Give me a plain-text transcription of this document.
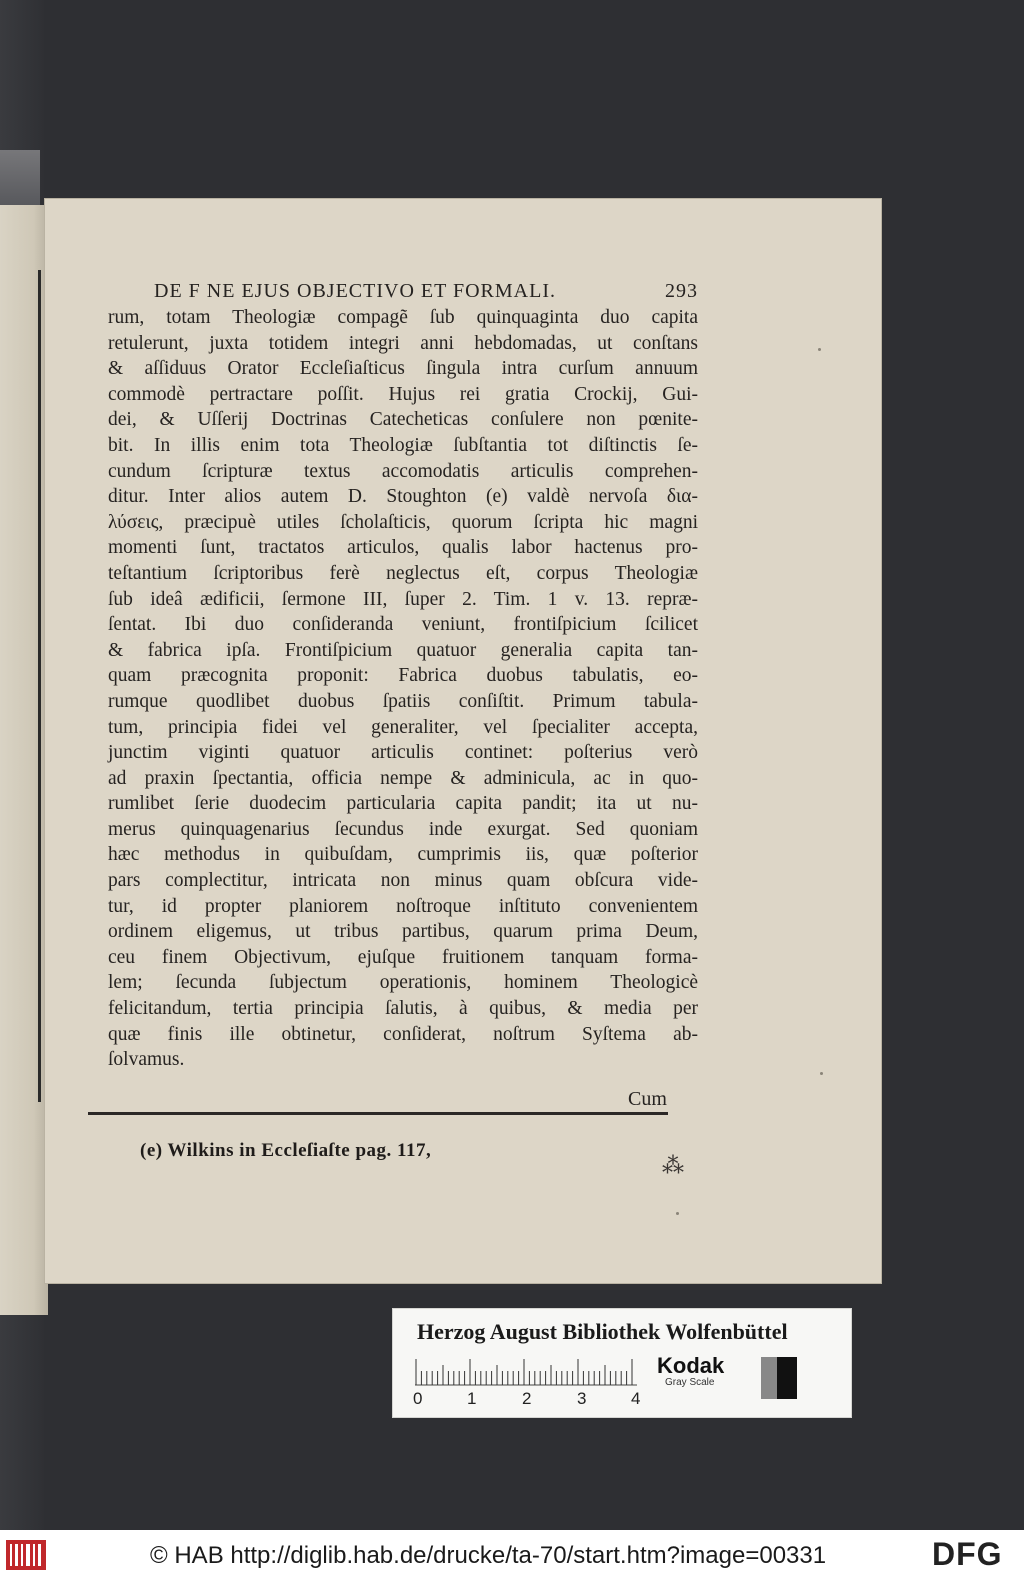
DE F NE EJUS OBJECTIVO ET FORMALI.	293
rum, totam Theologiæ compagẽ ſub quinquaginta duo capita
retulerunt, juxta totidem integri anni hebdomadas, ut conſtans
& aſſiduus Orator Eccleſiaſticus ſingula intra curſum annuum
commodè pertractare poſſit. Hujus rei gratia Crockij, Gui-
dei, & Uſſerij Doctrinas Catecheticas conſulere non pœnite-
bit. In illis enim tota Theologiæ ſubſtantia tot diſtinctis ſe-
cundum ſcripturæ textus accomodatis articulis comprehen-
ditur. Inter alios autem D. Stoughton (e) valdè nervoſa δια-
λύσεις, præcipuè utiles ſcholaſticis, quorum ſcripta hic magni
momenti ſunt, tractatos articulos, qualis labor hactenus pro-
teſtantium ſcriptoribus ferè neglectus eſt, corpus Theologiæ
ſub ideâ ædificii, ſermone III, ſuper 2. Tim. 1 v. 13. repræ-
ſentat. Ibi duo conſideranda veniunt, frontiſpicium ſcilicet
& fabrica ipſa. Frontiſpicium quatuor generalia capita tan-
quam præcognita proponit: Fabrica duobus tabulatis, eo-
rumque quodlibet duobus ſpatiis conſiſtit. Primum tabula-
tum, principia fidei vel generaliter, vel ſpecialiter accepta,
junctim viginti quatuor articulis continet: poſterius verò
ad praxin ſpectantia, officia nempe & adminicula, ac in quo-
rumlibet ſerie duodecim particularia capita pandit; ita ut nu-
merus quinquagenarius ſecundus inde exurgat. Sed quoniam
hæc methodus in quibuſdam, cumprimis iis, quæ poſterior
pars complectitur, intricata non minus quam obſcura vide-
tur, id propter planiorem noſtroque inſtituto convenientem
ordinem eligemus, ut tribus partibus, quarum prima Deum,
ceu finem Objectivum, ejuſque fruitionem tanquam forma-
lem; ſecunda ſubjectum operationis, hominem Theologicè
felicitandum, tertia principia ſalutis, à quibus, & media per
quæ finis ille obtinetur, conſiderat, noſtrum Syſtema ab-
ſolvamus.
Cum
(e) Wilkins in Eccleſiaſte pag. 117,
⁂
Herzog August Bibliothek Wolfenbüttel
0	1	2	3	4
Kodak
Gray Scale
© HAB http://diglib.hab.de/drucke/ta-70/start.htm?image=00331	DFG
